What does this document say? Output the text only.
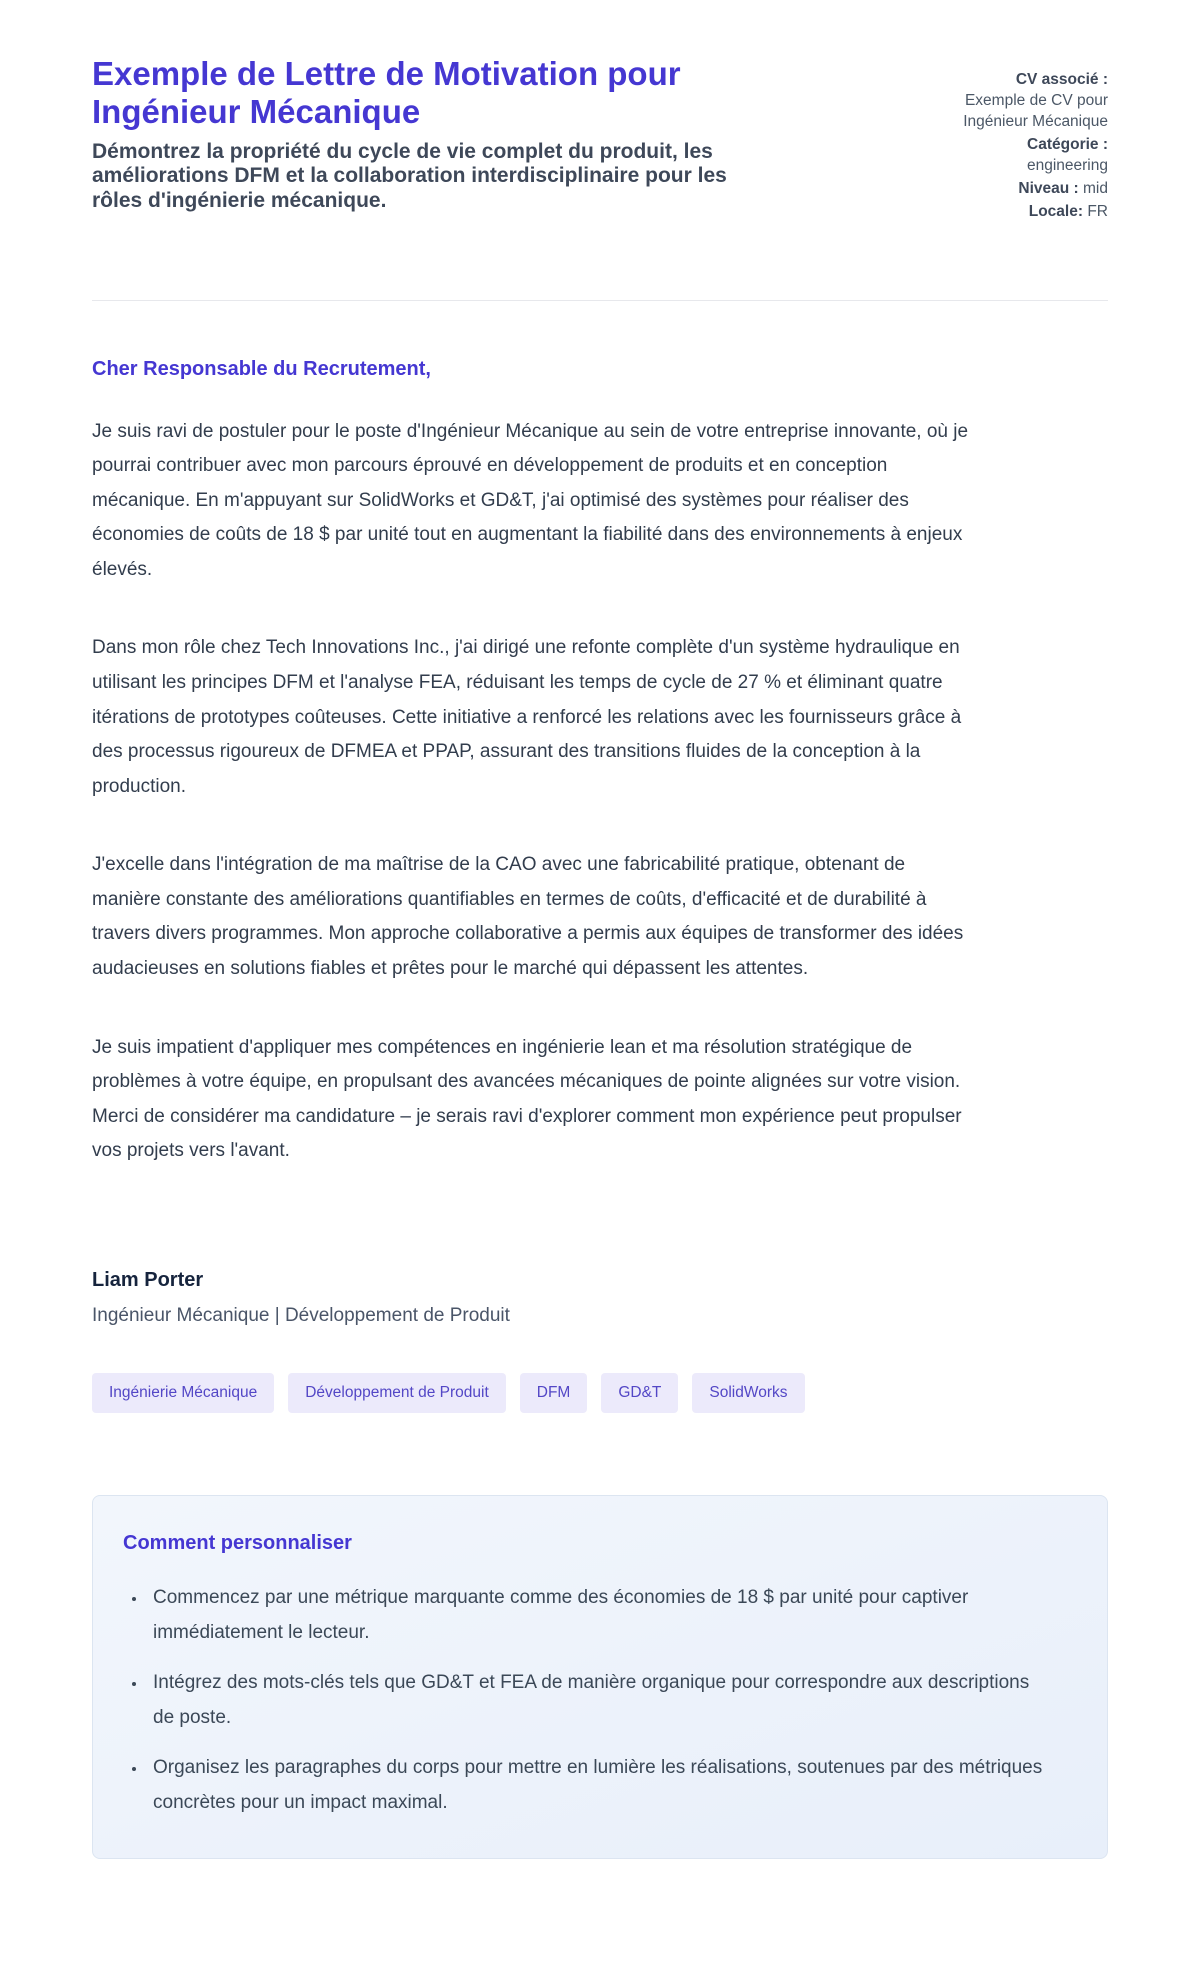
Exemple de Lettre de Motivation pour Ingénieur Mécanique

Démontrez la propriété du cycle de vie complet du produit, les améliorations DFM et la collaboration interdisciplinaire pour les rôles d'ingénierie mécanique.

CV associé :
Exemple de CV pour Ingénieur Mécanique
Catégorie :
engineering
Niveau : mid
Locale: FR

Cher Responsable du Recrutement,

Je suis ravi de postuler pour le poste d'Ingénieur Mécanique au sein de votre entreprise innovante, où je pourrai contribuer avec mon parcours éprouvé en développement de produits et en conception mécanique. En m'appuyant sur SolidWorks et GD&T, j'ai optimisé des systèmes pour réaliser des économies de coûts de 18 $ par unité tout en augmentant la fiabilité dans des environnements à enjeux élevés.

Dans mon rôle chez Tech Innovations Inc., j'ai dirigé une refonte complète d'un système hydraulique en utilisant les principes DFM et l'analyse FEA, réduisant les temps de cycle de 27 % et éliminant quatre itérations de prototypes coûteuses. Cette initiative a renforcé les relations avec les fournisseurs grâce à des processus rigoureux de DFMEA et PPAP, assurant des transitions fluides de la conception à la production.

J'excelle dans l'intégration de ma maîtrise de la CAO avec une fabricabilité pratique, obtenant de manière constante des améliorations quantifiables en termes de coûts, d'efficacité et de durabilité à travers divers programmes. Mon approche collaborative a permis aux équipes de transformer des idées audacieuses en solutions fiables et prêtes pour le marché qui dépassent les attentes.

Je suis impatient d'appliquer mes compétences en ingénierie lean et ma résolution stratégique de problèmes à votre équipe, en propulsant des avancées mécaniques de pointe alignées sur votre vision. Merci de considérer ma candidature – je serais ravi d'explorer comment mon expérience peut propulser vos projets vers l'avant.

Liam Porter

Ingénieur Mécanique | Développement de Produit

Ingénierie Mécanique	Développement de Produit	DFM	GD&T	SolidWorks
Comment personnaliser
• Commencez par une métrique marquante comme des économies de 18 $ par unité pour captiver immédiatement le lecteur.
• Intégrez des mots-clés tels que GD&T et FEA de manière organique pour correspondre aux descriptions de poste.
• Organisez les paragraphes du corps pour mettre en lumière les réalisations, soutenues par des métriques concrètes pour un impact maximal.
